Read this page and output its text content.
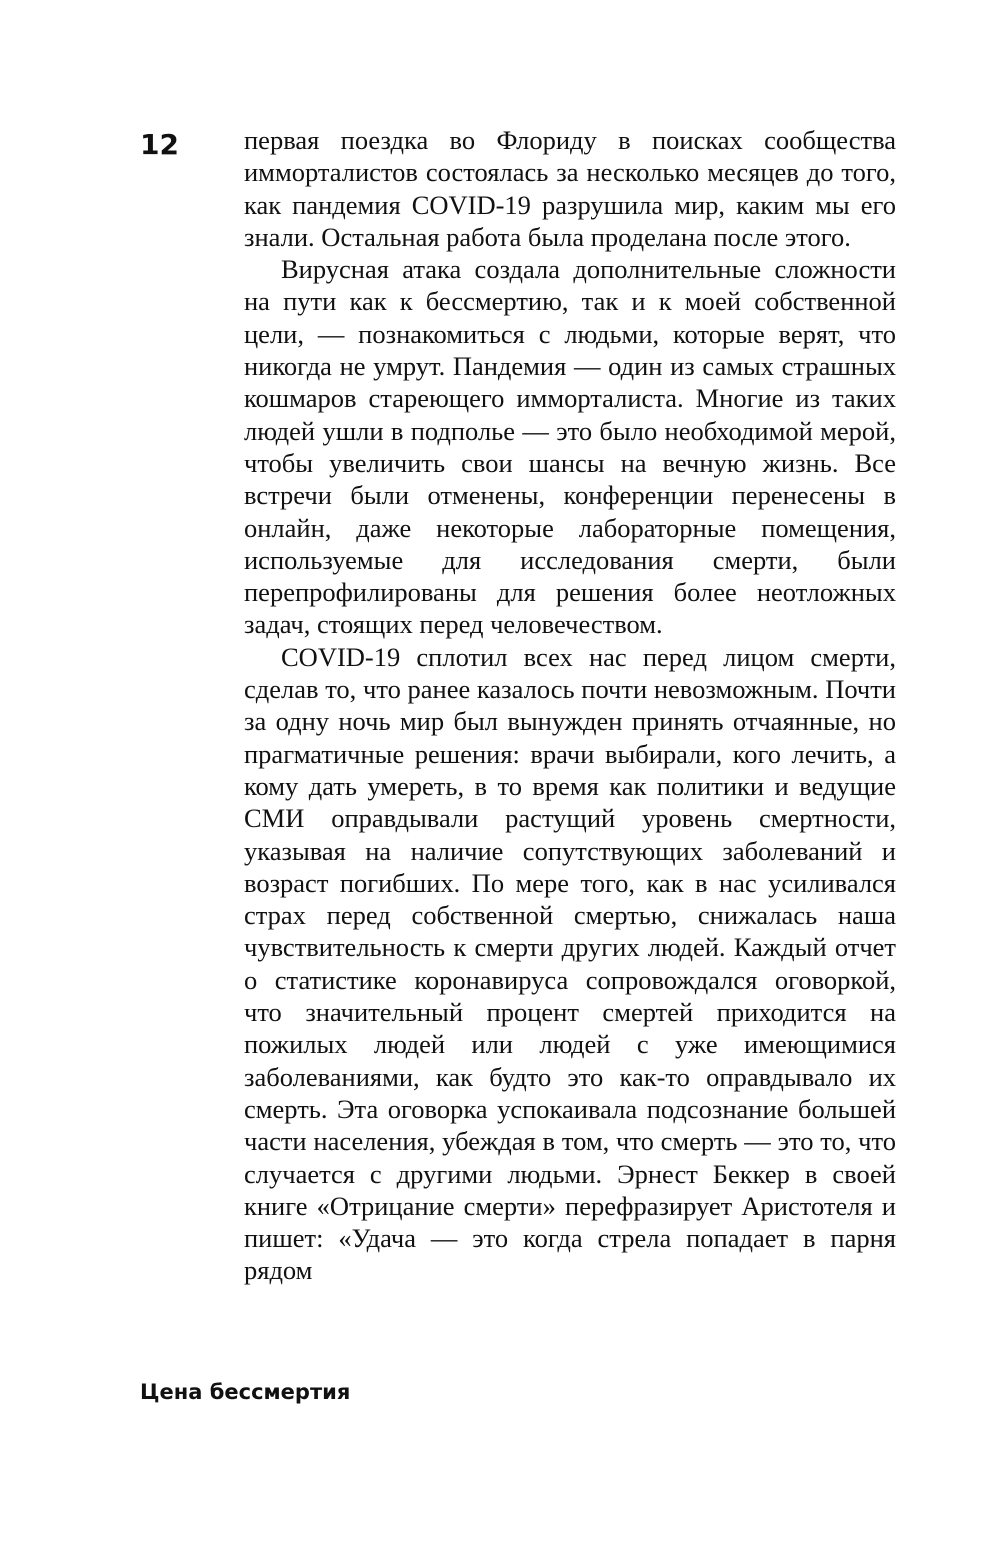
12 первая поездка во Флориду в поисках сообщества имморталистов состоялась за несколько месяцев до того, как пандемия COVID-19 разрушила мир, каким мы его знали. Остальная работа была проделана после этого.

Вирусная атака создала дополнительные сложности на пути как к бессмертию, так и к моей собственной цели, — познакомиться с людьми, которые верят, что никогда не умрут. Пандемия — один из самых страшных кошмаров стареющего имморталиста. Многие из таких людей ушли в подполье — это было необходимой мерой, чтобы увеличить свои шансы на вечную жизнь. Все встречи были отменены, конференции перенесены в онлайн, даже некоторые лабораторные помещения, используемые для исследования смерти, были перепрофилированы для решения более неотложных задач, стоящих перед человечеством.

COVID-19 сплотил всех нас перед лицом смерти, сделав то, что ранее казалось почти невозможным. Почти за одну ночь мир был вынужден принять отчаянные, но прагматичные решения: врачи выбирали, кого лечить, а кому дать умереть, в то время как политики и ведущие СМИ оправдывали растущий уровень смертности, указывая на наличие сопутствующих заболеваний и возраст погибших. По мере того, как в нас усиливался страх перед собственной смертью, снижалась наша чувствительность к смерти других людей. Каждый отчет о статистике коронавируса сопровождался оговоркой, что значительный процент смертей приходится на пожилых людей или людей с уже имеющимися заболеваниями, как будто это как-то оправдывало их смерть. Эта оговорка успокаивала подсознание большей части населения, убеждая в том, что смерть — это то, что случается с другими людьми. Эрнест Беккер в своей книге «Отрицание смерти» перефразирует Аристотеля и пишет: «Удача — это когда стрела попадает в парня рядом

Цена бессмертия
